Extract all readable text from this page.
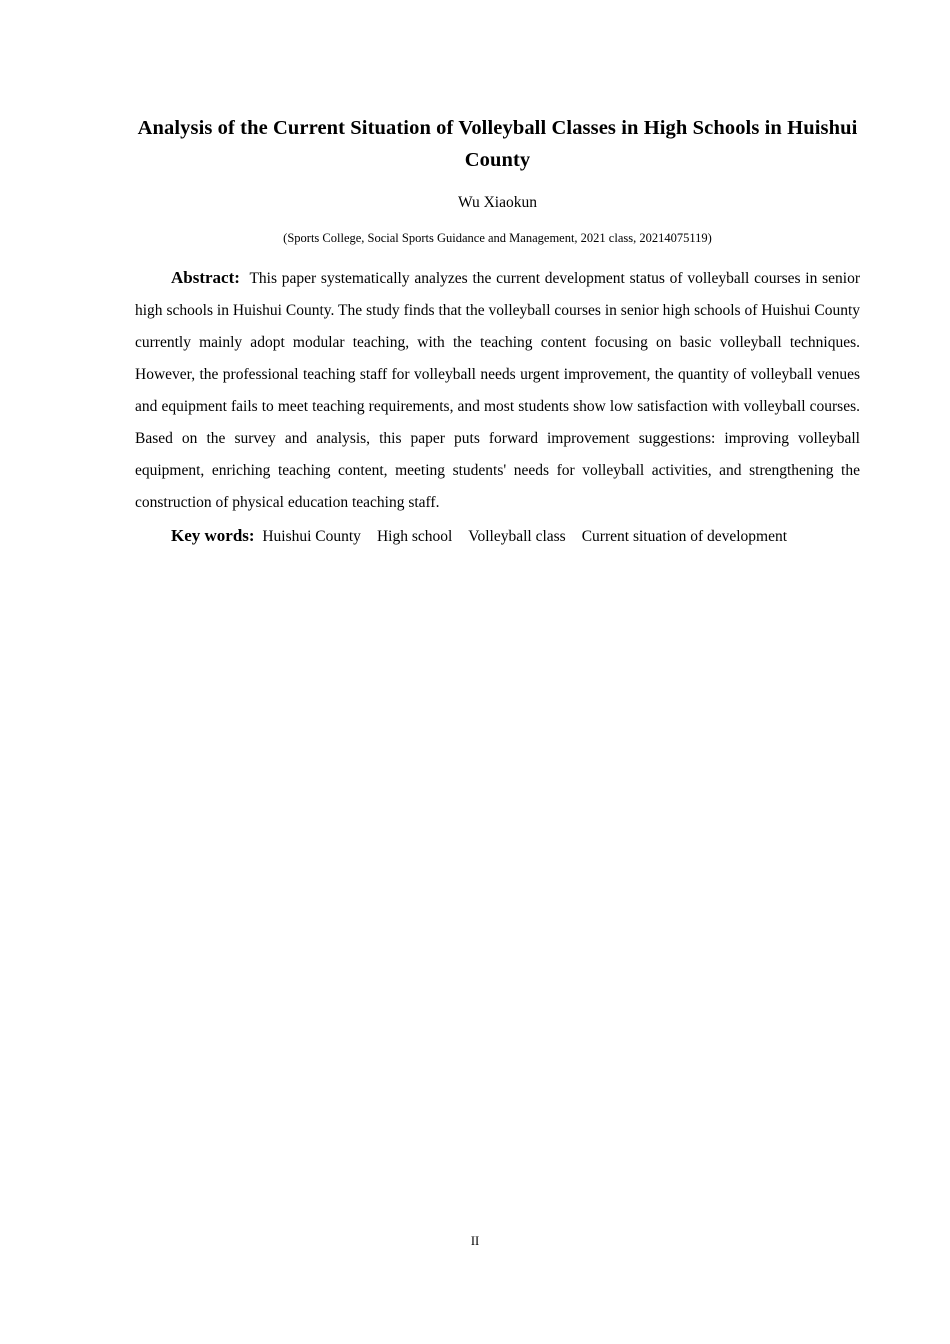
Analysis of the Current Situation of Volleyball Classes in High Schools in Huishui County
Wu Xiaokun
(Sports College, Social Sports Guidance and Management, 2021 class, 20214075119)
Abstract: This paper systematically analyzes the current development status of volleyball courses in senior high schools in Huishui County. The study finds that the volleyball courses in senior high schools of Huishui County currently mainly adopt modular teaching, with the teaching content focusing on basic volleyball techniques. However, the professional teaching staff for volleyball needs urgent improvement, the quantity of volleyball venues and equipment fails to meet teaching requirements, and most students show low satisfaction with volleyball courses. Based on the survey and analysis, this paper puts forward improvement suggestions: improving volleyball equipment, enriching teaching content, meeting students' needs for volleyball activities, and strengthening the construction of physical education teaching staff.
Key words: Huishui County High school Volleyball class Current situation of development
II
